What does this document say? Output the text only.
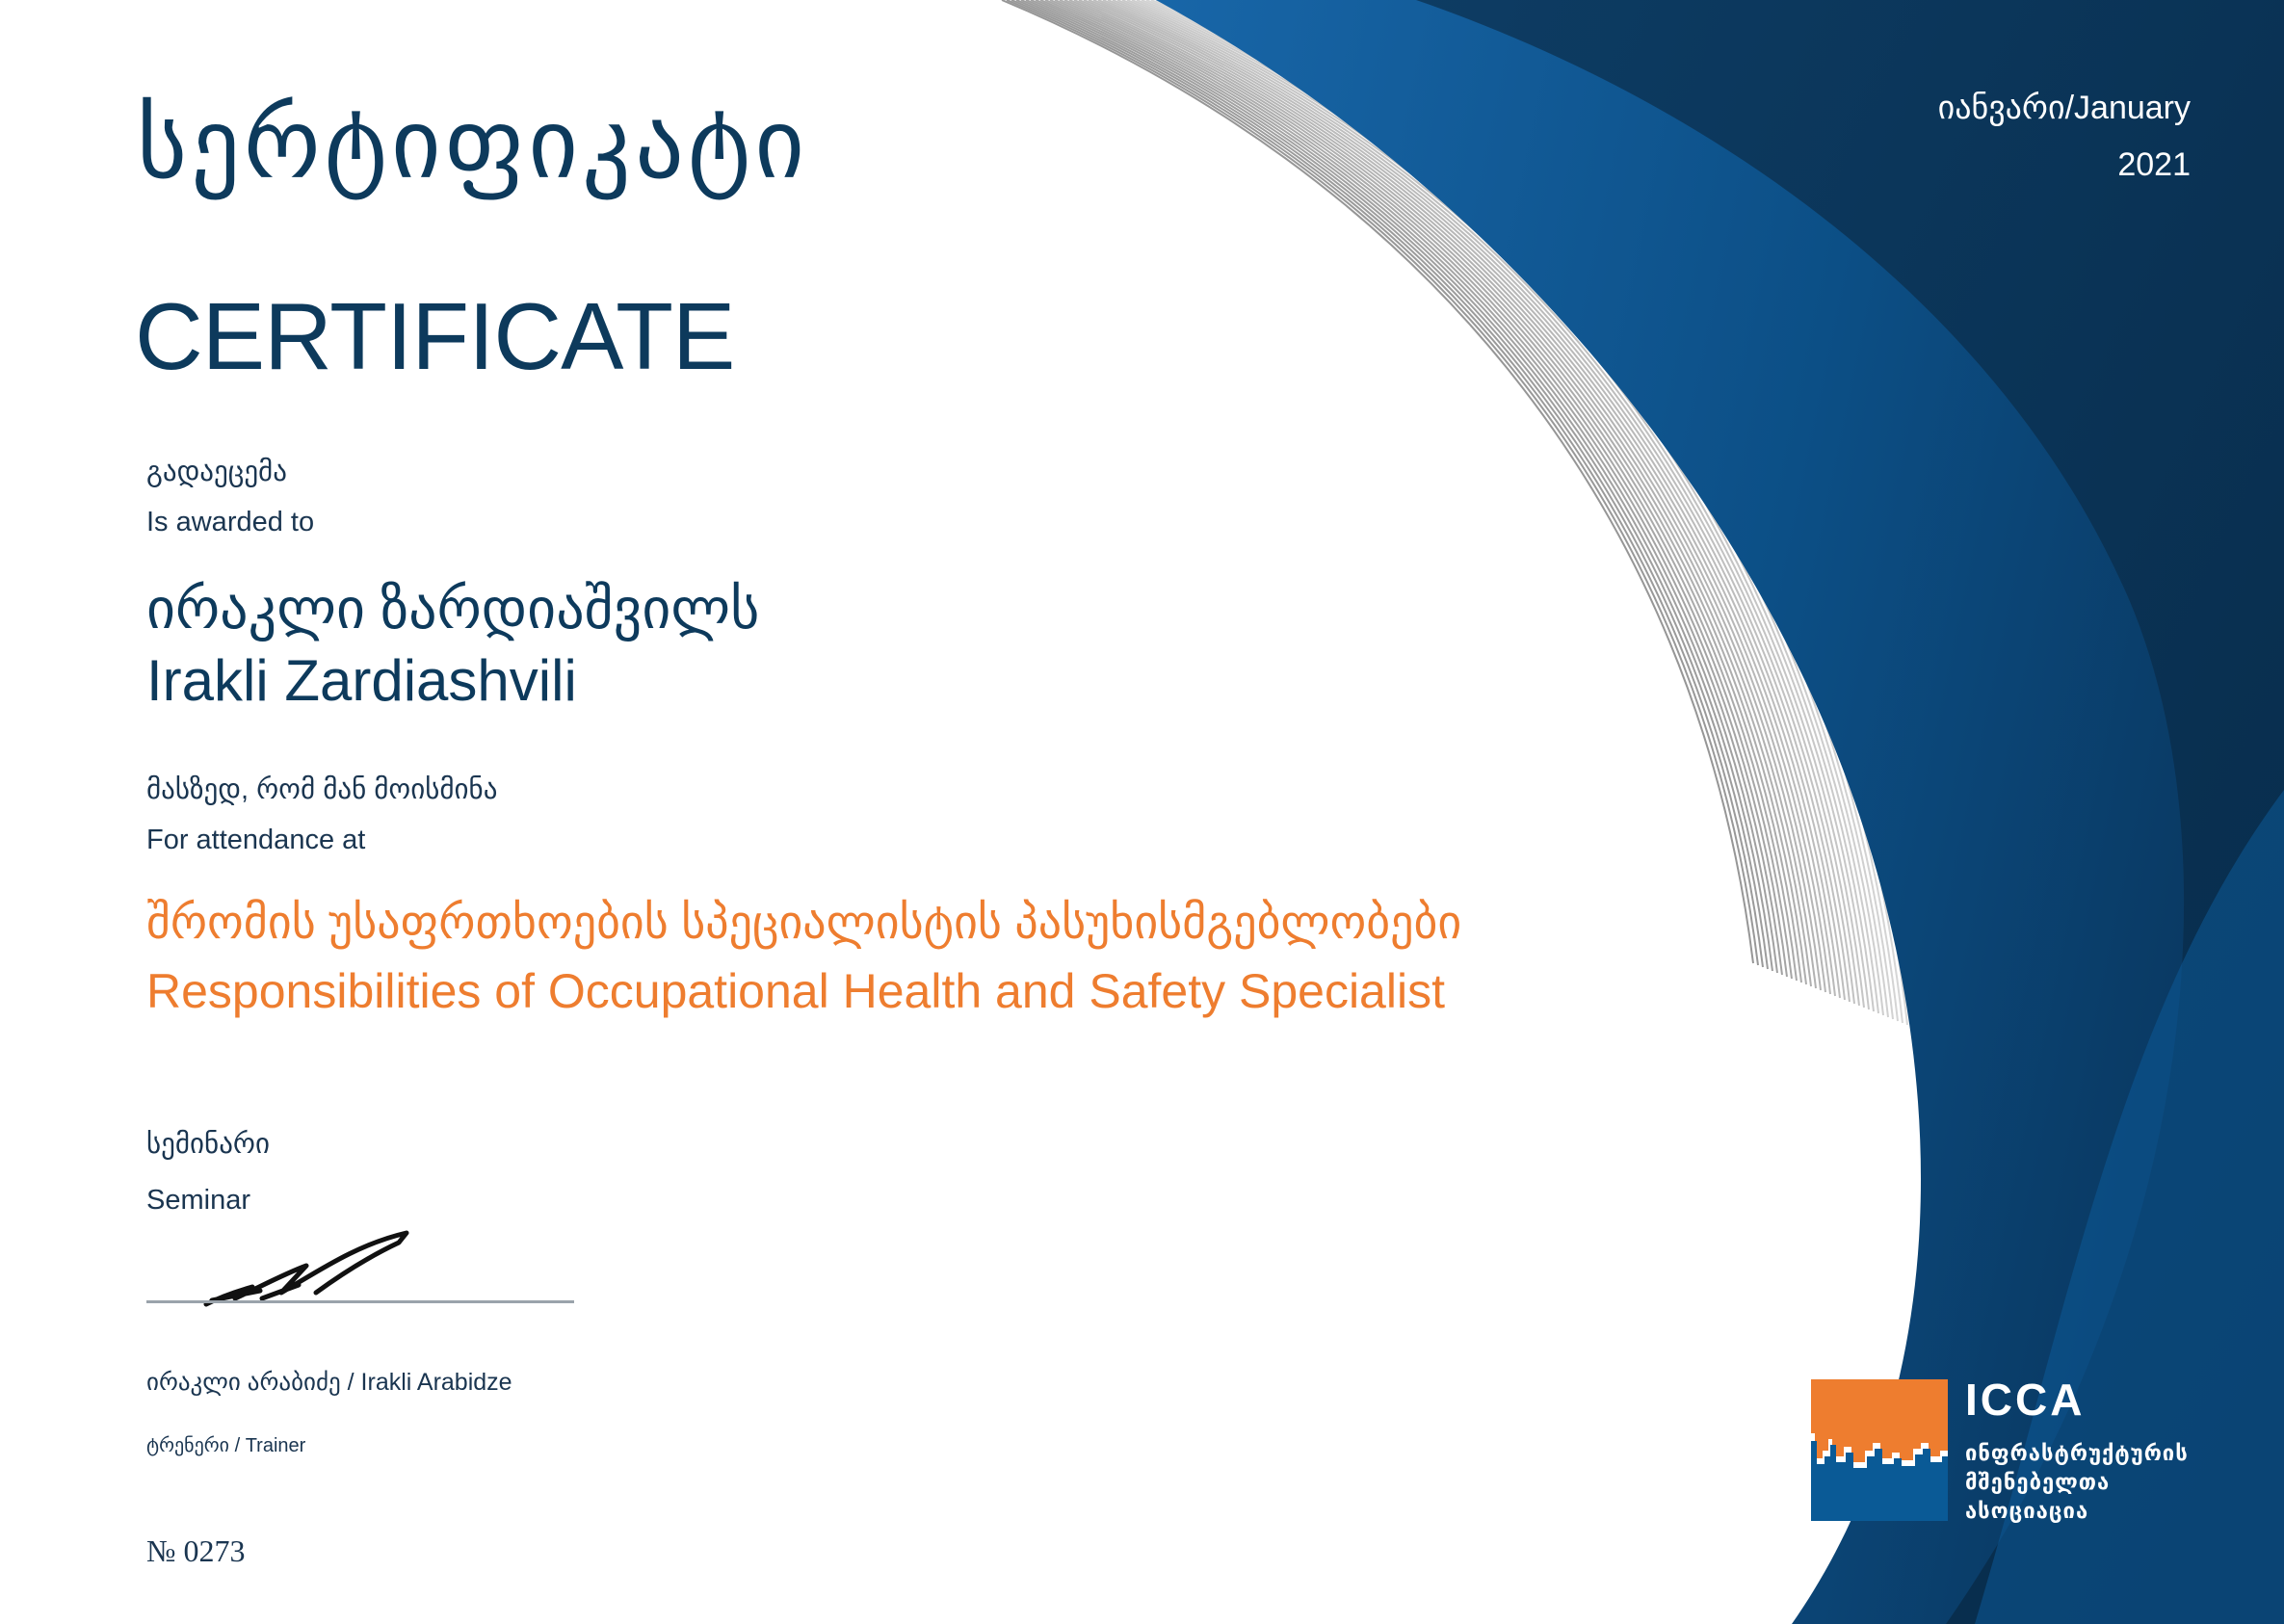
სერტიფიკატი
CERTIFICATE
იანვარი/January
2021
გადაეცემა
Is awarded to
ირაკლი ზარდიაშვილს
Irakli Zardiashvili
მასზედ, რომ მან მოისმინა
For attendance at
შრომის უსაფრთხოების სპეციალისტის პასუხისმგებლობები
Responsibilities of Occupational Health and Safety Specialist
სემინარი
Seminar
ირაკლი არაბიძე / Irakli Arabidze
ტრენერი / Trainer
№ 0273
ICCA
ინფრასტრუქტურის
მშენებელთა
ასოციაცია
